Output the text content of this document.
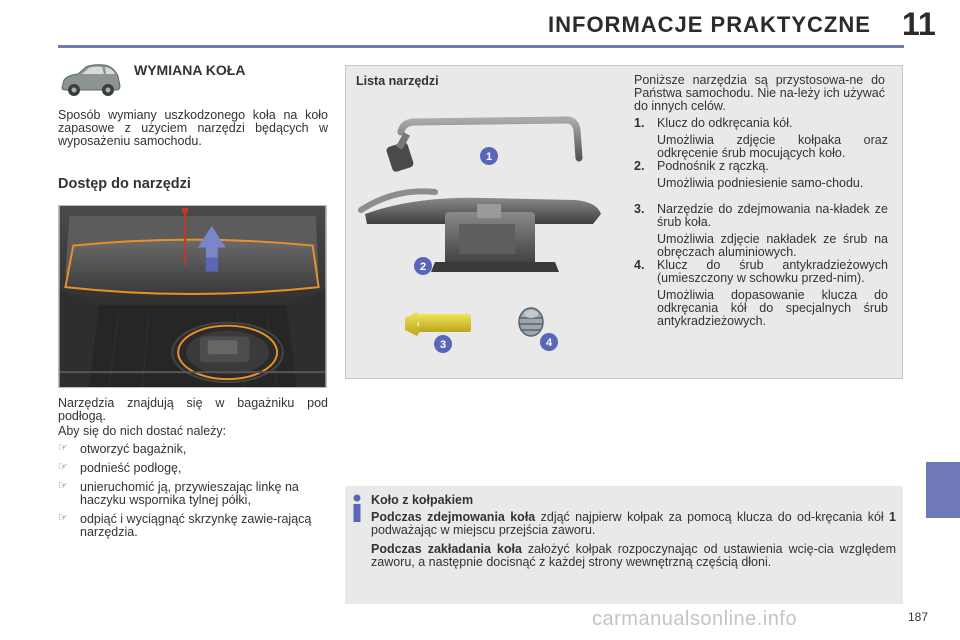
INFORMACJE PRAKTYCZNE 11
WYMIANA KOŁA
Sposób wymiany uszkodzonego koła na koło zapasowe z użyciem narzędzi będących w wyposażeniu samochodu.
Dostęp do narzędzi
Narzędzia znajdują się w bagażniku pod podłogą.
Aby się do nich dostać należy:
☞ otworzyć bagażnik,
☞ podnieść podłogę,
☞ unieruchomić ją, przywieszając linkę na haczyku wspornika tylnej półki,
☞ odpiąć i wyciągnąć skrzynkę zawie-rającą narzędzia.
Lista narzędzi
1
2
3	4
Poniższe narzędzia są przystosowa-ne do Państwa samochodu. Nie na-leży ich używać do innych celów.
1.	Klucz do odkręcania kół.
Umożliwia zdjęcie kołpaka oraz odkręcenie śrub mocujących koło.
2.	Podnośnik z rączką.
Umożliwia podniesienie samo-chodu.
3.	Narzędzie do zdejmowania na-kładek ze śrub koła.
Umożliwia zdjęcie nakładek ze śrub na obręczach aluminiowych.
4.	Klucz do śrub antykradzieżowych (umieszczony w schowku przed-nim).
Umożliwia dopasowanie klucza do odkręcania kół do specjalnych śrub antykradzieżowych.
Koło z kołpakiem
Podczas zdejmowania koła zdjąć najpierw kołpak za pomocą klucza do od-kręcania kół 1 podważając w miejscu przejścia zaworu.
Podczas zakładania koła założyć kołpak rozpoczynając od ustawienia wcię-cia względem zaworu, a następnie docisnąć z każdej strony wewnętrzną częścią dłoni.
carmanualsonline.info	187
